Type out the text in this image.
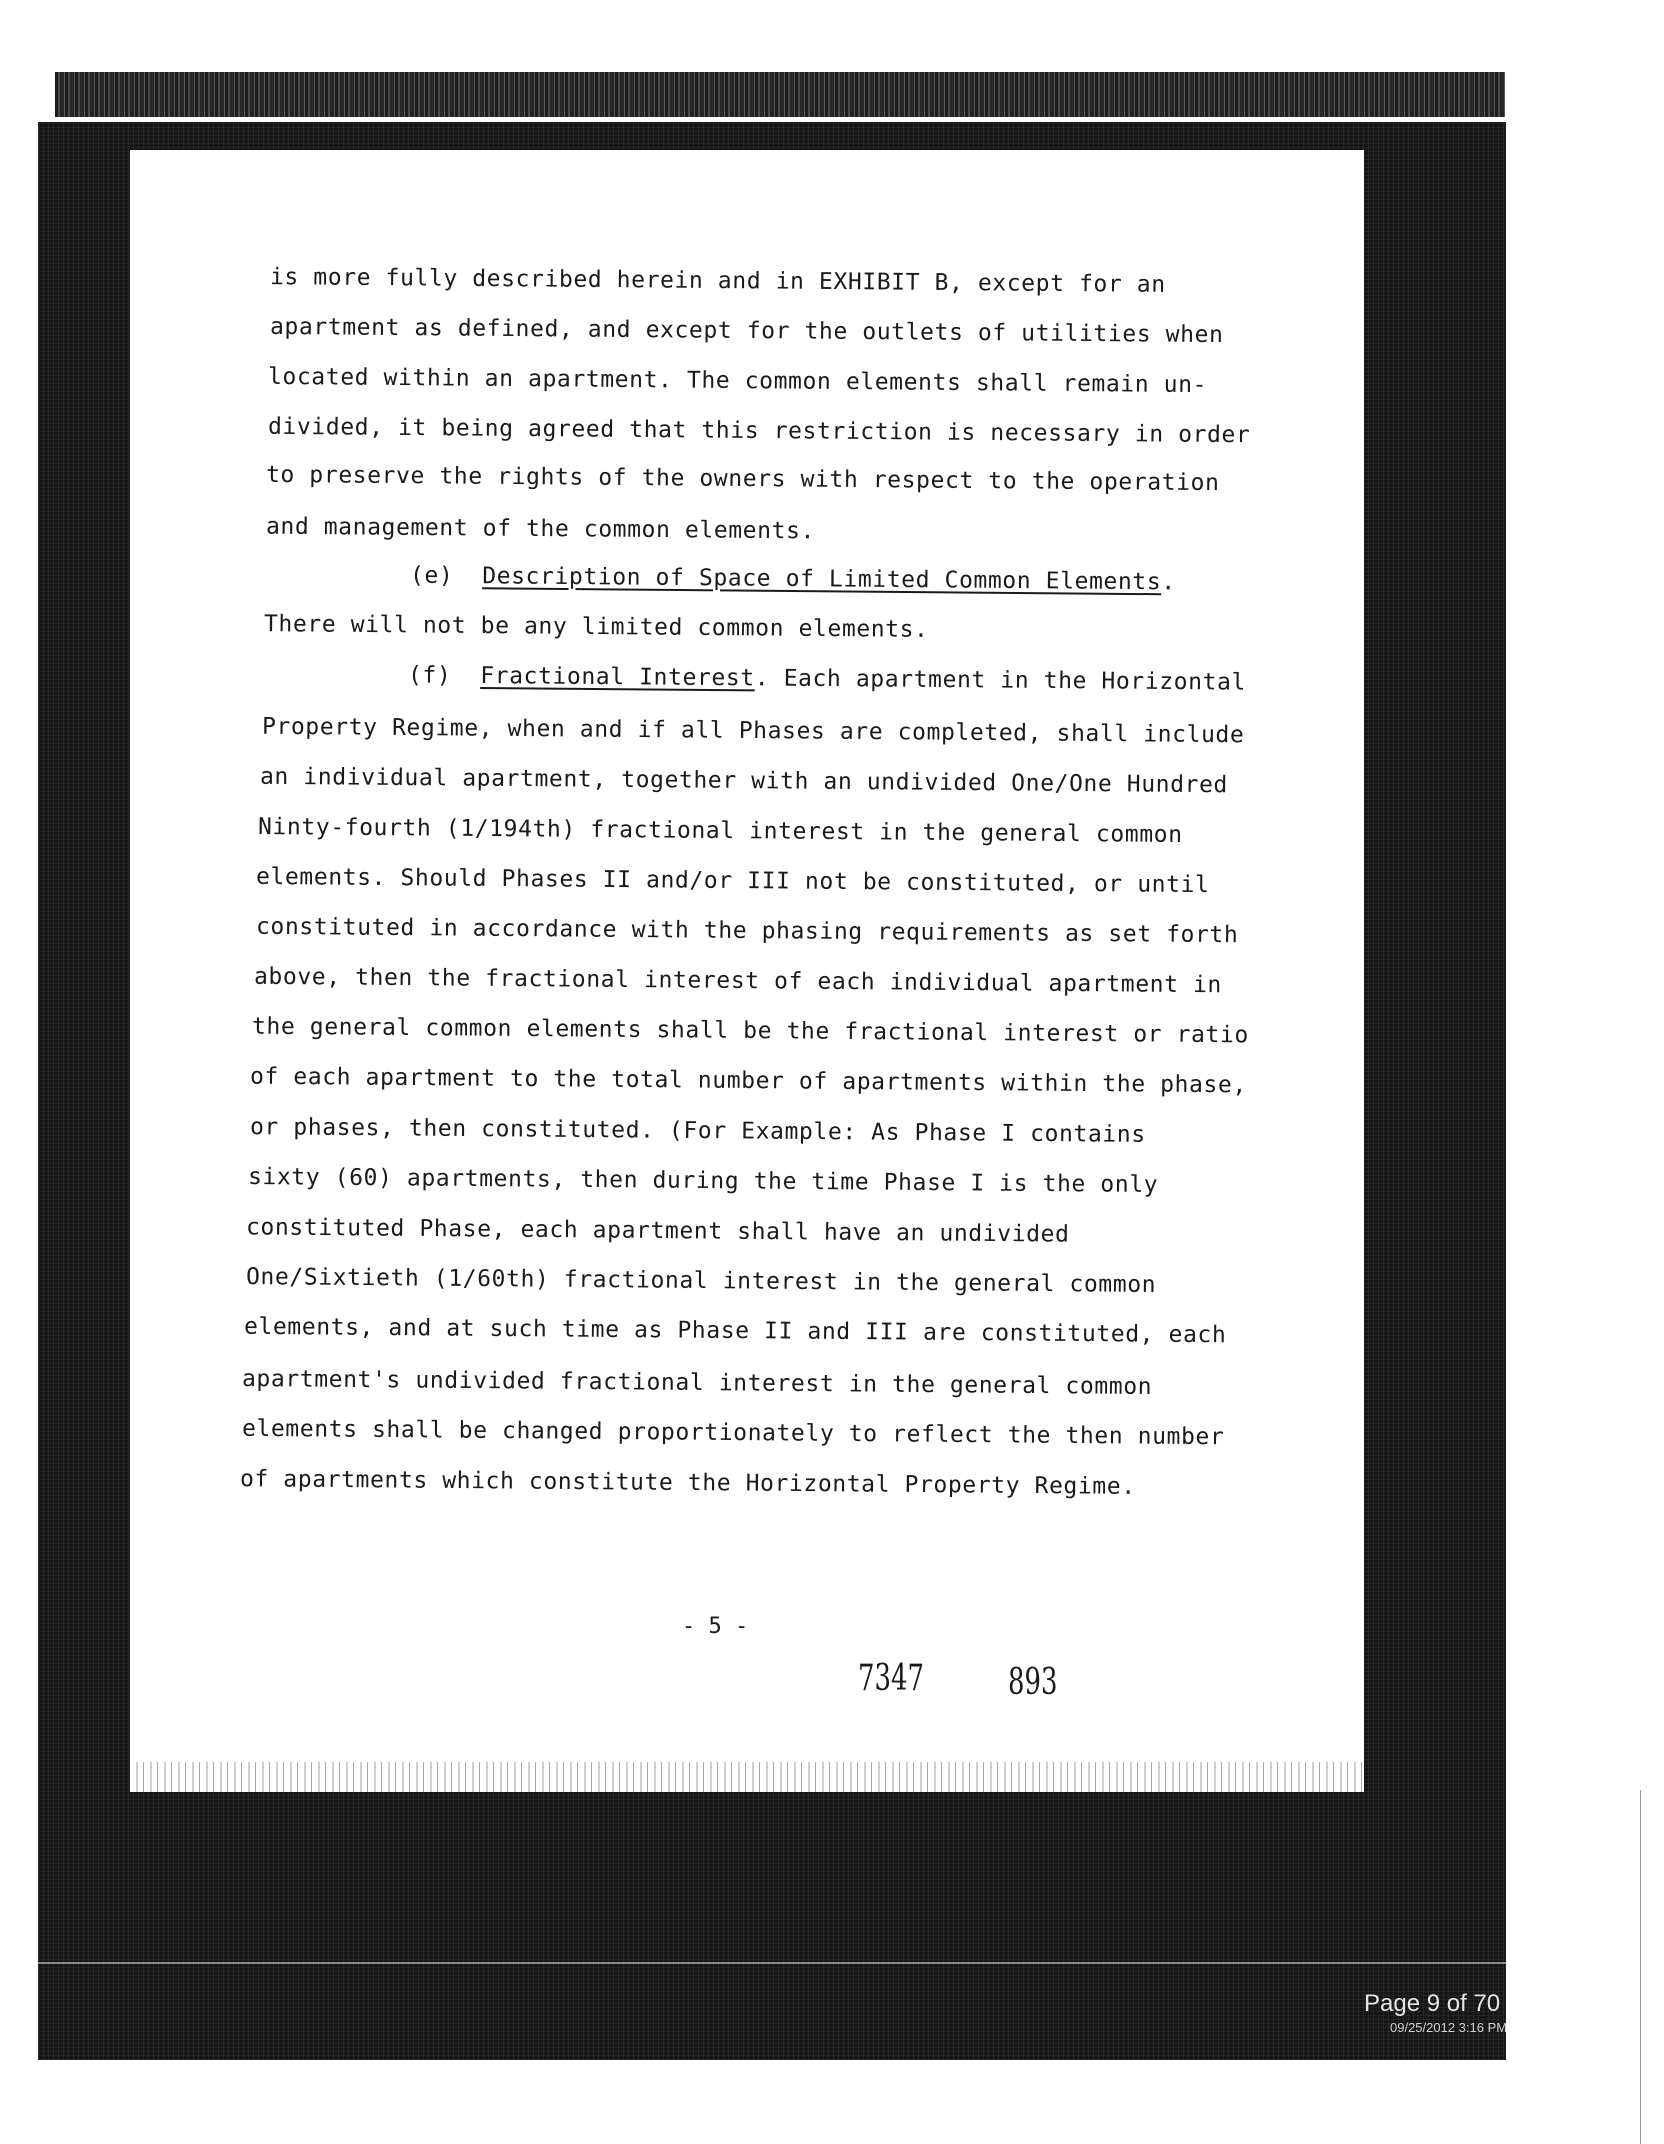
is more fully described herein and in EXHIBIT B, except for an
apartment as defined, and except for the outlets of utilities when
located within an apartment. The common elements shall remain un-
divided, it being agreed that this restriction is necessary in order
to preserve the rights of the owners with respect to the operation
and management of the common elements.
(e) Description of Space of Limited Common Elements.
There will not be any limited common elements.
(f) Fractional Interest. Each apartment in the Horizontal
Property Regime, when and if all Phases are completed, shall include
an individual apartment, together with an undivided One/One Hundred
Ninty-fourth (1/194th) fractional interest in the general common
elements. Should Phases II and/or III not be constituted, or until
constituted in accordance with the phasing requirements as set forth
above, then the fractional interest of each individual apartment in
the general common elements shall be the fractional interest or ratio
of each apartment to the total number of apartments within the phase,
or phases, then constituted. (For Example: As Phase I contains
sixty (60) apartments, then during the time Phase I is the only
constituted Phase, each apartment shall have an undivided
One/Sixtieth (1/60th) fractional interest in the general common
elements, and at such time as Phase II and III are constituted, each
apartment's undivided fractional interest in the general common
elements shall be changed proportionately to reflect the then number
of apartments which constitute the Horizontal Property Regime.
- 5 -
7347 893
Page 9 of 70
09/25/2012 3:16 PM
